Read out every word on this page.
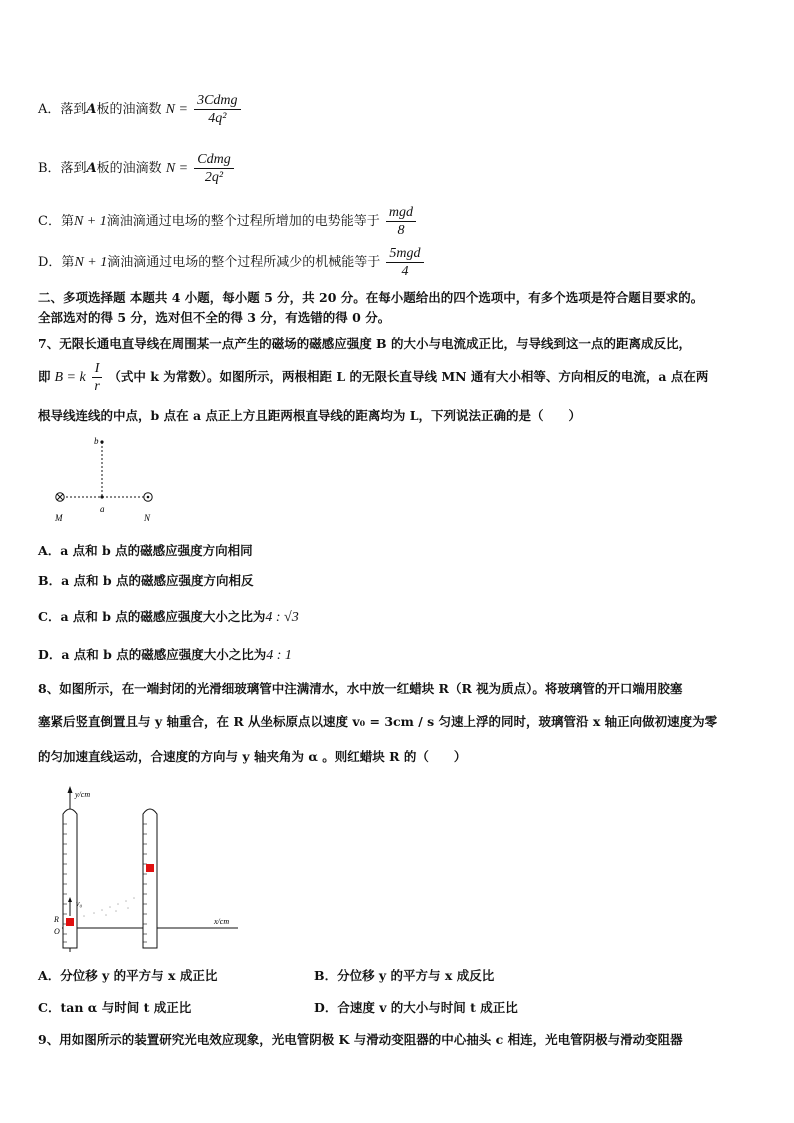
A．落到A板的油滴数 $N = \frac{\text{3Cdmg}}{\text{4q²}}$
B．落到A板的油滴数 $N = \frac{\text{Cdmg}}{\text{2q²}}$
C．第N + 1滴油滴通过电场的整个过程所增加的电势能等于 $\frac{\text{mgd}}{8}$
D．第N + 1滴油滴通过电场的整个过程所减少的机械能等于 $\frac{\text{5mgd}}{4}$
二、多项选择题 本题共 4 小题，每小题 5 分，共 20 分。在每小题给出的四个选项中，有多个选项是符合题目要求的。
全部选对的得 5 分，选对但不全的得 3 分，有选错的得 0 分。
7、无限长通电直导线在周围某一点产生的磁场的磁感应强度 B 的大小与电流成正比，与导线到这一点的距离成反比，
即 B = k $\frac{I}{r}$ （式中 k 为常数）。如图所示，两根相距 L 的无限长直导线 MN 通有大小相等、方向相反的电流，a 点在两
根导线连线的中点，b 点在 a 点正上方且距两根直导线的距离均为 L，下列说法正确的是（　　）
b
a
M	N
A．a 点和 b 点的磁感应强度方向相同
B．a 点和 b 点的磁感应强度方向相反
C．a 点和 b 点的磁感应强度大小之比为4 : √3
D．a 点和 b 点的磁感应强度大小之比为4 : 1
8、如图所示，在一端封闭的光滑细玻璃管中注满清水，水中放一红蜡块 R（R 视为质点）。将玻璃管的开口端用胶塞
塞紧后竖直倒置且与 y 轴重合，在 R 从坐标原点以速度 v₀ = 3cm / s 匀速上浮的同时，玻璃管沿 x 轴正向做初速度为零
的匀加速直线运动，合速度的方向与 y 轴夹角为 α 。则红蜡块 R 的（　　）
y/cm
x/cm
v₀
R
O
A．分位移 y 的平方与 x 成正比	B．分位移 y 的平方与 x 成反比
C．tan α 与时间 t 成正比	D．合速度 v 的大小与时间 t 成正比
9、用如图所示的装置研究光电效应现象，光电管阴极 K 与滑动变阻器的中心抽头 c 相连，光电管阴极与滑动变阻器
